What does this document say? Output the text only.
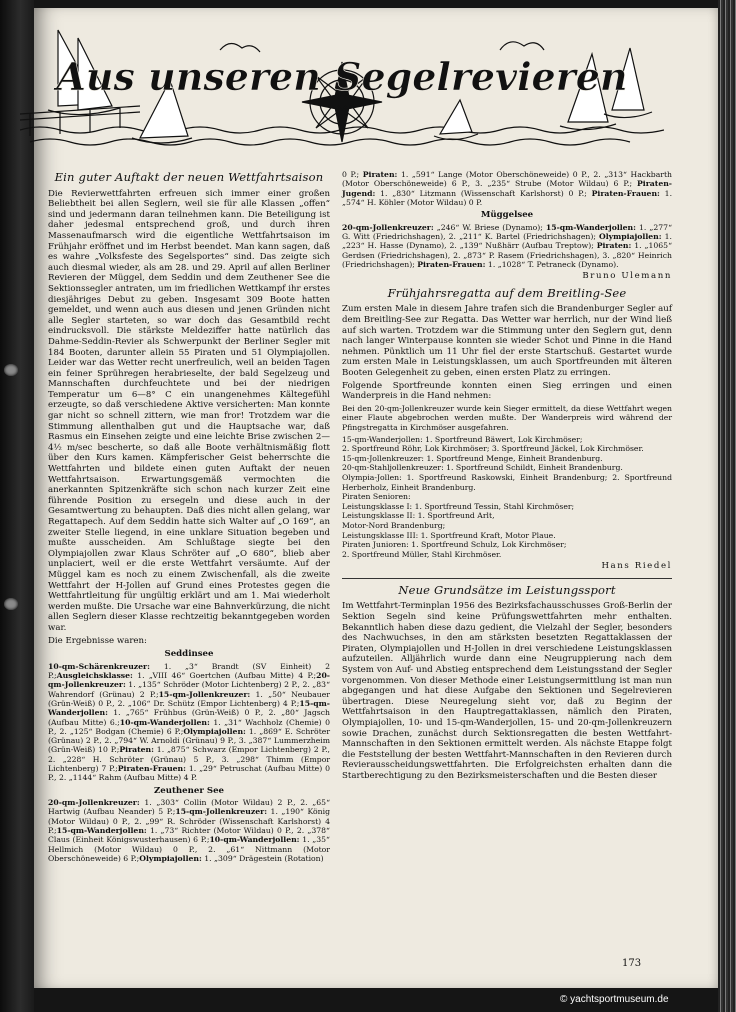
Aus unseren Segelrevieren
Ein guter Auftakt der neuen Wettfahrtsaison

Die Revierwettfahrten erfreuen sich immer einer großen Beliebtheit bei allen Seglern, weil sie für alle Klassen „offen“ sind und jedermann daran teilnehmen kann. Die Beteiligung ist daher jedesmal entsprechend groß, und durch ihren Massenaufmarsch wird die eigentliche Wettfahrtsaison im Frühjahr eröffnet und im Herbst beendet. Man kann sagen, daß es wahre „Volksfeste des Segelsportes“ sind. Das zeigte sich auch diesmal wieder, als am 28. und 29. April auf allen Berliner Revieren der Müggel, dem Seddin und dem Zeuthener See die Sektionssegler antraten, um im friedlichen Wettkampf ihr erstes diesjähriges Debut zu geben. Insgesamt 309 Boote hatten gemeldet, und wenn auch aus diesen und jenen Gründen nicht alle Segler starteten, so war doch das Gesamtbild recht eindrucksvoll. Die stärkste Meldeziffer hatte natürlich das Dahme-Seddin-Revier als Schwerpunkt der Berliner Segler mit 184 Booten, darunter allein 55 Piraten und 51 Olympiajollen. Leider war das Wetter recht unerfreulich, weil an beiden Tagen ein feiner Sprühregen herabrieselte, der bald Segelzeug und Mannschaften durchfeuchtete und bei der niedrigen Temperatur um 6—8° C ein unangenehmes Kältegefühl erzeugte, so daß verschiedene Aktive versicherten: Man konnte gar nicht so schnell zittern, wie man fror! Trotzdem war die Stimmung allenthalben gut und die Hauptsache war, daß Rasmus ein Einsehen zeigte und eine leichte Brise zwischen 2—4½ m/sec bescherte, so daß alle Boote verhältnismäßig flott über den Kurs kamen. Kämpferischer Geist beherrschte die Wettfahrten und bildete einen guten Auftakt der neuen Wettfahrtsaison. Erwartungsgemäß vermochten die anerkannten Spitzenkräfte sich schon nach kurzer Zeit eine führende Position zu ersegeln und diese auch in der Gesamtwertung zu behaupten. Daß dies nicht allen gelang, war Regattapech. Auf dem Seddin hatte sich Walter auf „O 169“, an zweiter Stelle liegend, in eine unklare Situation begeben und mußte ausscheiden. Am Schlußtage siegte bei den Olympiajollen zwar Klaus Schröter auf „O 680“, blieb aber unplaciert, weil er die erste Wettfahrt versäumte. Auf der Müggel kam es noch zu einem Zwischenfall, als die zweite Wettfahrt der H-Jollen auf Grund eines Protestes gegen die Wettfahrtleitung für ungültig erklärt und am 1. Mai wiederholt werden mußte. Die Ursache war eine Bahnverkürzung, die nicht allen Seglern dieser Klasse rechtzeitig bekanntgegeben worden war.

Die Ergebnisse waren:

Seddinsee
10-qm-Schärenkreuzer: 1. „3“ Brandt (SV Einheit) 2 P.;Ausgleichsklasse: 1. „VIII 46“ Goertchen (Aufbau Mitte) 4 P.;20-qm-Jollenkreuzer: 1. „135“ Schröder (Motor Lichtenberg) 2 P., 2. „83“ Wahrendorf (Grünau) 2 P.;15-qm-Jollenkreuzer: 1. „50“ Neubauer (Grün-Weiß) 0 P., 2. „106“ Dr. Schütz (Empor Lichtenberg) 4 P.;15-qm-Wanderjollen: 1. „765“ Frühbus (Grün-Weiß) 0 P., 2. „80“ Jagsch (Aufbau Mitte) 6.;10-qm-Wanderjollen: 1. „31“ Wachholz (Chemie) 0 P., 2. „125“ Bodgan (Chemie) 6 P.;Olympiajollen: 1. „869“ E. Schröter (Grünau) 2 P., 2. „794“ W. Arnoldi (Grünau) 9 P., 3. „387“ Lummerzheim (Grün-Weiß) 10 P.;Piraten: 1. „875“ Schwarz (Empor Lichtenberg) 2 P., 2. „228“ H. Schröter (Grünau) 5 P., 3. „298“ Thimm (Empor Lichtenberg) 7 P.;Piraten-Frauen: 1. „29“ Petruschat (Aufbau Mitte) 0 P., 2. „1144“ Rahm (Aufbau Mitte) 4 P.
Zeuthener See
20-qm-Jollenkreuzer: 1. „303“ Collin (Motor Wildau) 2 P., 2. „65“ Hartwig (Aufbau Neander) 5 P.;15-qm-Jollenkreuzer: 1. „190“ König (Motor Wildau) 0 P., 2. „99“ R. Schröder (Wissenschaft Karlshorst) 4 P.;15-qm-Wanderjollen: 1. „73“ Richter (Motor Wildau) 0 P., 2. „378“ Claus (Einheit Königswusterhausen) 6 P.;10-qm-Wanderjollen: 1. „35“ Hellmich (Motor Wildau) 0 P., 2. „61“ Nittmann (Motor Oberschöneweide) 6 P.;Olympiajollen: 1. „309“ Drägestein (Rotation)
0 P.; Piraten: 1. „591“ Lange (Motor Oberschöneweide) 0 P., 2. „313“ Hackbarth (Motor Oberschöneweide) 6 P., 3. „235“ Strube (Motor Wildau) 6 P.; Piraten-Jugend: 1. „830“ Litzmann (Wissenschaft Karlshorst) 0 P.; Piraten-Frauen: 1. „574“ H. Köhler (Motor Wildau) 0 P.
Müggelsee
20-qm-Jollenkreuzer: „246“ W. Briese (Dynamo); 15-qm-Wanderjollen: 1. „277“ G. Witt (Friedrichshagen), 2. „211“ K. Bartel (Friedrichshagen); Olympiajollen: 1. „223“ H. Hasse (Dynamo), 2. „139“ Nußhärr (Aufbau Treptow); Piraten: 1. „1065“ Gerdsen (Friedrichshagen), 2. „873“ P. Rasem (Friedrichshagen), 3. „820“ Heinrich (Friedrichshagen); Piraten-Frauen: 1. „1028“ T. Petraneck (Dynamo).
Bruno Ulemann
Frühjahrsregatta auf dem Breitling-See

Zum ersten Male in diesem Jahre trafen sich die Brandenburger Segler auf dem Breitling-See zur Regatta. Das Wetter war herrlich, nur der Wind ließ auf sich warten. Trotzdem war die Stimmung unter den Seglern gut, denn nach langer Winterpause konnten sie wieder Schot und Pinne in die Hand nehmen. Pünktlich um 11 Uhr fiel der erste Startschuß. Gestartet wurde zum ersten Male in Leistungsklassen, um auch Sportfreunden mit älteren Booten Gelegenheit zu geben, einen ersten Platz zu erringen.

Folgende Sportfreunde konnten einen Sieg erringen und einen Wanderpreis in die Hand nehmen:

Bei den 20-qm-Jollenkreuzer wurde kein Sieger ermittelt, da diese Wettfahrt wegen einer Flaute abgebrochen werden mußte. Der Wanderpreis wird während der Pfingstregatta in Kirchmöser ausgefahren.

15-qm-Wanderjollen: 1. Sportfreund Bäwert, Lok Kirchmöser;
2. Sportfreund Röhr, Lok Kirchmöser; 3. Sportfreund Jäckel, Lok Kirchmöser.
15-qm-Jollenkreuzer: 1. Sportfreund Menge, Einheit Brandenburg.
20-qm-Stahljollenkreuzer: 1. Sportfreund Schildt, Einheit Brandenburg.
Olympia-Jollen: 1. Sportfreund Raskowski, Einheit Brandenburg; 2. Sportfreund Herberholz, Einheit Brandenburg.
Piraten Senioren:
Leistungsklasse I: 1. Sportfreund Tessin, Stahl Kirchmöser;
Leistungsklasse II: 1. Sportfreund Arlt,
Motor-Nord Brandenburg;
Leistungsklasse III: 1. Sportfreund Kraft, Motor Plaue.
Piraten Junioren: 1. Sportfreund Schulz, Lok Kirchmöser;
2. Sportfreund Müller, Stahl Kirchmöser.
Hans Riedel
Neue Grundsätze im Leistungssport

Im Wettfahrt-Terminplan 1956 des Bezirksfachausschusses Groß-Berlin der Sektion Segeln sind keine Prüfungswettfahrten mehr enthalten. Bekanntlich haben diese dazu gedient, die Vielzahl der Segler, besonders des Nachwuchses, in den am stärksten besetzten Regattaklassen der Piraten, Olympiajollen und H-Jollen in drei verschiedene Leistungsklassen aufzuteilen. Alljährlich wurde dann eine Neugruppierung nach dem System von Auf- und Abstieg entsprechend dem Leistungsstand der Segler vorgenommen. Von dieser Methode einer Leistungsermittlung ist man nun abgegangen und hat diese Aufgabe den Sektionen und Segelrevieren übertragen. Diese Neuregelung sieht vor, daß zu Beginn der Wettfahrtsaison in den Hauptregattaklassen, nämlich den Piraten, Olympiajollen, 10- und 15-qm-Wanderjollen, 15- und 20-qm-Jollenkreuzern sowie Drachen, zunächst durch Sektionsregatten die besten Wettfahrt-Mannschaften in den Sektionen ermittelt werden. Als nächste Etappe folgt die Feststellung der besten Wettfahrt-Mannschaften in den Revieren durch Revierausscheidungswettfahrten. Die Erfolgreichsten erhalten dann die Startberechtigung zu den Bezirksmeisterschaften und die Besten dieser

173
© yachtsportmuseum.de
